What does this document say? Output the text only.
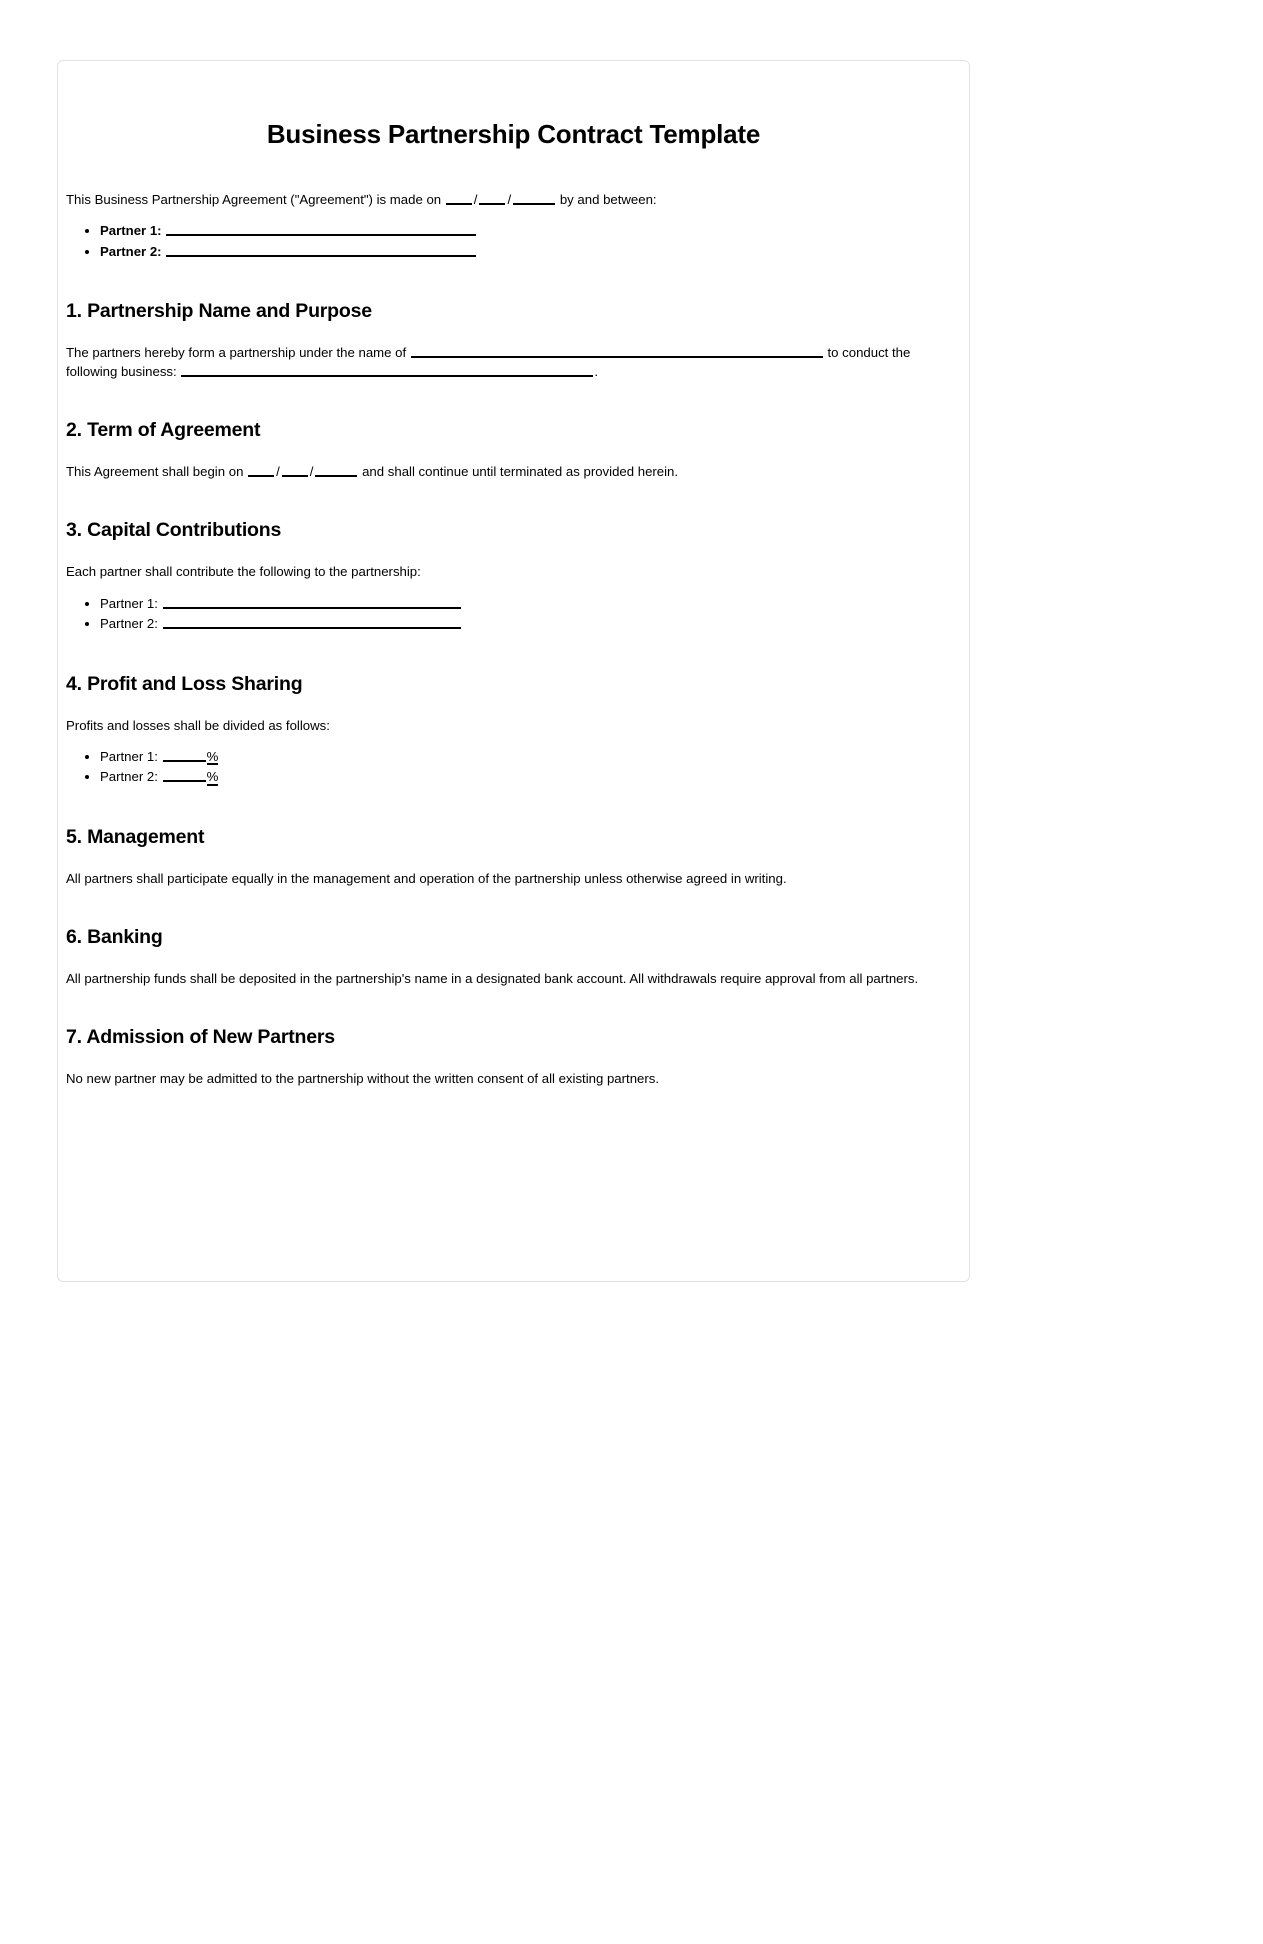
Business Partnership Contract Template

This Business Partnership Agreement ("Agreement") is made on / /	by and between:

• Partner 1:
• Partner 2:
1. Partnership Name and Purpose

The partners hereby form a partnership under the name of	to conduct the following business:	.

2. Term of Agreement

This Agreement shall begin on / /	and shall continue until terminated as provided herein.

3. Capital Contributions

Each partner shall contribute the following to the partnership:

• Partner 1:
• Partner 2:
4. Profit and Loss Sharing

Profits and losses shall be divided as follows:

• Partner 1:	%
• Partner 2:	%
5. Management

All partners shall participate equally in the management and operation of the partnership unless otherwise agreed in writing.

6. Banking

All partnership funds shall be deposited in the partnership's name in a designated bank account. All withdrawals require approval from all partners.

7. Admission of New Partners

No new partner may be admitted to the partnership without the written consent of all existing partners.
